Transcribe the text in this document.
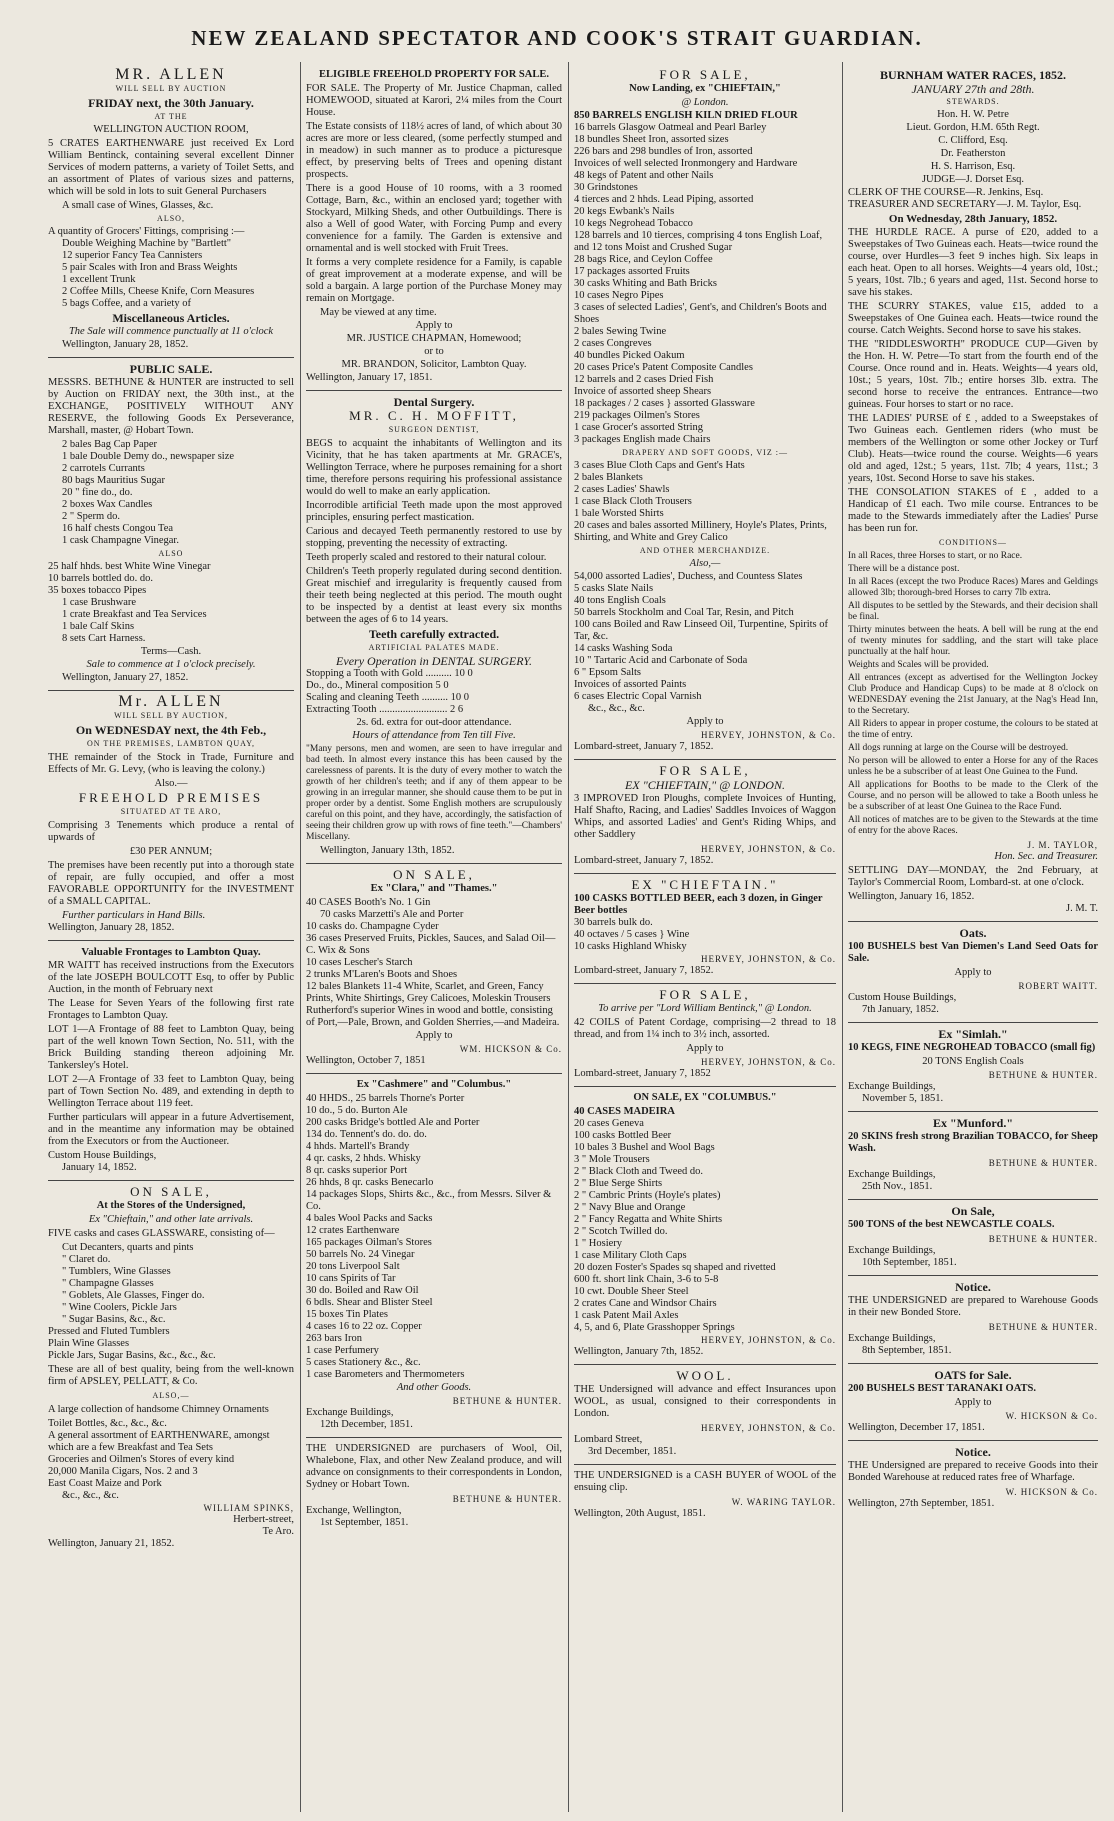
NEW ZEALAND SPECTATOR AND COOK'S STRAIT GUARDIAN.
MR. ALLEN
WILL SELL BY AUCTION
FRIDAY next, the 30th January.
AT THE
WELLINGTON AUCTION ROOM,
5 CRATES EARTHENWARE just received Ex Lord William Bentinck, containing several excellent Dinner Services of modern patterns, a variety of Toilet Setts, and an assortment of Plates of various sizes and patterns, which will be sold in lots to suit General Purchasers
A small case of Wines, Glasses, &c.
ALSO,
A quantity of Grocers' Fittings, comprising :—
Double Weighing Machine by "Bartlett"
12 superior Fancy Tea Cannisters
5 pair Scales with Iron and Brass Weights
1 excellent Trunk
2 Coffee Mills, Cheese Knife, Corn Measures
5 bags Coffee, and a variety of
Miscellaneous Articles.
The Sale will commence punctually at 11 o'clock
Wellington, January 28, 1852.
PUBLIC SALE.
MESSRS. BETHUNE & HUNTER are instructed to sell by Auction on FRIDAY next, the 30th inst., at the EXCHANGE, POSITIVELY WITHOUT ANY RESERVE, the following Goods Ex Perseverance, Marshall, master, @ Hobart Town.
2 bales Bag Cap Paper
1 bale Double Demy do., newspaper size
2 carrotels Currants
80 bags Mauritius Sugar
20 " fine do., do.
2 boxes Wax Candles
2 " Sperm do.
16 half chests Congou Tea
1 cask Champagne Vinegar.
ALSO
25 half hhds. best White Wine Vinegar
10 barrels bottled do. do.
35 boxes tobacco Pipes
1 case Brushware
1 crate Breakfast and Tea Services
1 bale Calf Skins
8 sets Cart Harness.
Terms—Cash.
Sale to commence at 1 o'clock precisely.
Wellington, January 27, 1852.
Mr. ALLEN
WILL SELL BY AUCTION,
On WEDNESDAY next, the 4th Feb.,
ON THE PREMISES, LAMBTON QUAY,
THE remainder of the Stock in Trade, Furniture and Effects of Mr. G. Levy, (who is leaving the colony.)
Also.—
FREEHOLD PREMISES
SITUATED AT TE ARO,
Comprising 3 Tenements which produce a rental of upwards of
£30 PER ANNUM;
The premises have been recently put into a thorough state of repair, are fully occupied, and offer a most FAVORABLE OPPORTUNITY for the INVESTMENT of a SMALL CAPITAL.
Further particulars in Hand Bills.
Wellington, January 28, 1852.
Valuable Frontages to Lambton Quay.
MR WAITT has received instructions from the Executors of the late JOSEPH BOULCOTT Esq, to offer by Public Auction, in the month of February next
The Lease for Seven Years of the following first rate Frontages to Lambton Quay.
LOT 1—A Frontage of 88 feet to Lambton Quay, being part of the well known Town Section, No. 511, with the Brick Building standing thereon adjoining Mr. Tankersley's Hotel.
LOT 2—A Frontage of 33 feet to Lambton Quay, being part of Town Section No. 489, and extending in depth to Wellington Terrace about 119 feet.
Further particulars will appear in a future Advertisement, and in the meantime any information may be obtained from the Executors or from the Auctioneer.
Custom House Buildings,
January 14, 1852.
ON SALE,
At the Stores of the Undersigned,
Ex "Chieftain," and other late arrivals.
FIVE casks and cases GLASSWARE, consisting of—
Cut Decanters, quarts and pints
" Claret do.
" Tumblers, Wine Glasses
" Champagne Glasses
" Goblets, Ale Glasses, Finger do.
" Wine Coolers, Pickle Jars
" Sugar Basins, &c., &c.
Pressed and Fluted Tumblers
Plain Wine Glasses
Pickle Jars, Sugar Basins, &c., &c., &c.
These are all of best quality, being from the well-known firm of APSLEY, PELLATT, & Co.
ALSO,—
A large collection of handsome Chimney Ornaments
Toilet Bottles, &c., &c., &c.
A general assortment of EARTHENWARE, amongst which are a few Breakfast and Tea Sets
Groceries and Oilmen's Stores of every kind
20,000 Manila Cigars, Nos. 2 and 3
East Coast Maize and Pork
&c., &c., &c.
WILLIAM SPINKS,
Herbert-street,
Te Aro.
Wellington, January 21, 1852.
ELIGIBLE FREEHOLD PROPERTY FOR SALE.
FOR SALE. The Property of Mr. Justice Chapman, called HOMEWOOD, situated at Karori, 2¼ miles from the Court House.
The Estate consists of 118½ acres of land, of which about 30 acres are more or less cleared, (some perfectly stumped and in meadow) in such manner as to produce a picturesque effect, by preserving belts of Trees and opening distant prospects.
There is a good House of 10 rooms, with a 3 roomed Cottage, Barn, &c., within an enclosed yard; together with Stockyard, Milking Sheds, and other Outbuildings. There is also a Well of good Water, with Forcing Pump and every convenience for a family. The Garden is extensive and ornamental and is well stocked with Fruit Trees.
It forms a very complete residence for a Family, is capable of great improvement at a moderate expense, and will be sold a bargain. A large portion of the Purchase Money may remain on Mortgage.
May be viewed at any time.
Apply to
MR. JUSTICE CHAPMAN, Homewood;
or to
MR. BRANDON, Solicitor, Lambton Quay.
Wellington, January 17, 1851.
Dental Surgery.
MR. C. H. MOFFITT,
SURGEON DENTIST,
BEGS to acquaint the inhabitants of Wellington and its Vicinity, that he has taken apartments at Mr. GRACE's, Wellington Terrace, where he purposes remaining for a short time, therefore persons requiring his professional assistance would do well to make an early application.
Incorrodible artificial Teeth made upon the most approved principles, ensuring perfect mastication.
Carious and decayed Teeth permanently restored to use by stopping, preventing the necessity of extracting.
Teeth properly scaled and restored to their natural colour.
Children's Teeth properly regulated during second dentition. Great mischief and irregularity is frequently caused from their teeth being neglected at this period. The mouth ought to be inspected by a dentist at least every six months between the ages of 6 to 14 years.
Teeth carefully extracted.
ARTIFICIAL PALATES MADE.
Every Operation in DENTAL SURGERY.
Stopping a Tooth with Gold .......... 10 0
Do., do., Mineral composition 5 0
Scaling and cleaning Teeth .......... 10 0
Extracting Tooth .......................... 2 6
2s. 6d. extra for out-door attendance.
Hours of attendance from Ten till Five.
"Many persons, men and women, are seen to have irregular and bad teeth. In almost every instance this has been caused by the carelessness of parents. It is the duty of every mother to watch the growth of her children's teeth; and if any of them appear to be growing in an irregular manner, she should cause them to be put in proper order by a dentist. Some English mothers are scrupulously careful on this point, and they have, accordingly, the satisfaction of seeing their children grow up with rows of fine teeth."—Chambers' Miscellany.
Wellington, January 13th, 1852.
ON SALE,
Ex "Clara," and "Thames."
40 CASES Booth's No. 1 Gin
70 casks Marzetti's Ale and Porter
10 casks do. Champagne Cyder
36 cases Preserved Fruits, Pickles, Sauces, and Salad Oil—C. Wix & Sons
10 cases Lescher's Starch
2 trunks M'Laren's Boots and Shoes
12 bales Blankets 11-4 White, Scarlet, and Green, Fancy Prints, White Shirtings, Grey Calicoes, Moleskin Trousers
Rutherford's superior Wines in wood and bottle, consisting of Port,—Pale, Brown, and Golden Sherries,—and Madeira.
Apply to
WM. HICKSON & Co.
Wellington, October 7, 1851
Ex "Cashmere" and "Columbus."
40 HHDS., 25 barrels Thorne's Porter
10 do., 5 do. Burton Ale
200 casks Bridge's bottled Ale and Porter
134 do. Tennent's do. do. do.
4 hhds. Martell's Brandy
4 qr. casks, 2 hhds. Whisky
8 qr. casks superior Port
26 hhds, 8 qr. casks Benecarlo
14 packages Slops, Shirts &c., &c., from Messrs. Silver & Co.
4 bales Wool Packs and Sacks
12 crates Earthenware
165 packages Oilman's Stores
50 barrels No. 24 Vinegar
20 tons Liverpool Salt
10 cans Spirits of Tar
30 do. Boiled and Raw Oil
6 bdls. Shear and Blister Steel
15 boxes Tin Plates
4 cases 16 to 22 oz. Copper
263 bars Iron
1 case Perfumery
5 cases Stationery &c., &c.
1 case Barometers and Thermometers
And other Goods.
BETHUNE & HUNTER.
Exchange Buildings,
12th December, 1851.
THE UNDERSIGNED are purchasers of Wool, Oil, Whalebone, Flax, and other New Zealand produce, and will advance on consignments to their correspondents in London, Sydney or Hobart Town.
BETHUNE & HUNTER.
Exchange, Wellington,
1st September, 1851.
FOR SALE,
Now Landing, ex "CHIEFTAIN,"
@ London.
850 BARRELS ENGLISH KILN DRIED FLOUR
16 barrels Glasgow Oatmeal and Pearl Barley
18 bundles Sheet Iron, assorted sizes
226 bars and 298 bundles of Iron, assorted
Invoices of well selected Ironmongery and Hardware
48 kegs of Patent and other Nails
30 Grindstones
4 tierces and 2 hhds. Lead Piping, assorted
20 kegs Ewbank's Nails
10 kegs Negrohead Tobacco
128 barrels and 10 tierces, comprising 4 tons English Loaf, and 12 tons Moist and Crushed Sugar
28 bags Rice, and Ceylon Coffee
17 packages assorted Fruits
30 casks Whiting and Bath Bricks
10 cases Negro Pipes
3 cases of selected Ladies', Gent's, and Children's Boots and Shoes
2 bales Sewing Twine
2 cases Congreves
40 bundles Picked Oakum
20 cases Price's Patent Composite Candles
12 barrels and 2 cases Dried Fish
Invoice of assorted sheep Shears
18 packages / 2 cases } assorted Glassware
219 packages Oilmen's Stores
1 case Grocer's assorted String
3 packages English made Chairs
DRAPERY AND SOFT GOODS, VIZ :—
3 cases Blue Cloth Caps and Gent's Hats
2 bales Blankets
2 cases Ladies' Shawls
1 case Black Cloth Trousers
1 bale Worsted Shirts
20 cases and bales assorted Millinery, Hoyle's Plates, Prints, Shirting, and White and Grey Calico
AND OTHER MERCHANDIZE.
Also,—
54,000 assorted Ladies', Duchess, and Countess Slates
5 casks Slate Nails
40 tons English Coals
50 barrels Stockholm and Coal Tar, Resin, and Pitch
100 cans Boiled and Raw Linseed Oil, Turpentine, Spirits of Tar, &c.
14 casks Washing Soda
10 " Tartaric Acid and Carbonate of Soda
6 " Epsom Salts
Invoices of assorted Paints
6 cases Electric Copal Varnish
&c., &c., &c.
Apply to
HERVEY, JOHNSTON, & Co.
Lombard-street, January 7, 1852.
FOR SALE,
EX "CHIEFTAIN," @ LONDON.
3 IMPROVED Iron Ploughs, complete Invoices of Hunting, Half Shafto, Racing, and Ladies' Saddles Invoices of Waggon Whips, and assorted Ladies' and Gent's Riding Whips, and other Saddlery
HERVEY, JOHNSTON, & Co.
Lombard-street, January 7, 1852.
EX "CHIEFTAIN."
100 CASKS BOTTLED BEER, each 3 dozen, in Ginger Beer bottles
30 barrels bulk do.
40 octaves / 5 cases } Wine
10 casks Highland Whisky
HERVEY, JOHNSTON, & Co.
Lombard-street, January 7, 1852.
FOR SALE,
To arrive per "Lord William Bentinck," @ London.
42 COILS of Patent Cordage, comprising—2 thread to 18 thread, and from 1¼ inch to 3½ inch, assorted.
Apply to
HERVEY, JOHNSTON, & Co.
Lombard-street, January 7, 1852
ON SALE, EX "COLUMBUS."
40 CASES MADEIRA
20 cases Geneva
100 casks Bottled Beer
10 bales 3 Bushel and Wool Bags
3 " Mole Trousers
2 " Black Cloth and Tweed do.
2 " Blue Serge Shirts
2 " Cambric Prints (Hoyle's plates)
2 " Navy Blue and Orange
2 " Fancy Regatta and White Shirts
2 " Scotch Twilled do.
1 " Hosiery
1 case Military Cloth Caps
20 dozen Foster's Spades sq shaped and rivetted
600 ft. short link Chain, 3-6 to 5-8
10 cwt. Double Sheer Steel
2 crates Cane and Windsor Chairs
1 cask Patent Mail Axles
4, 5, and 6, Plate Grasshopper Springs
HERVEY, JOHNSTON, & Co.
Wellington, January 7th, 1852.
WOOL.
THE Undersigned will advance and effect Insurances upon WOOL, as usual, consigned to their correspondents in London.
HERVEY, JOHNSTON, & Co.
Lombard Street,
3rd December, 1851.
THE UNDERSIGNED is a CASH BUYER of WOOL of the ensuing clip.
W. WARING TAYLOR.
Wellington, 20th August, 1851.
BURNHAM WATER RACES, 1852.
JANUARY 27th and 28th.
STEWARDS.
Hon. H. W. Petre
Lieut. Gordon, H.M. 65th Regt.
C. Clifford, Esq.
Dr. Featherston
H. S. Harrison, Esq.
JUDGE—J. Dorset Esq.
CLERK OF THE COURSE—R. Jenkins, Esq.
TREASURER AND SECRETARY—J. M. Taylor, Esq.
On Wednesday, 28th January, 1852.
THE HURDLE RACE. A purse of £20, added to a Sweepstakes of Two Guineas each. Heats—twice round the course, over Hurdles—3 feet 9 inches high. Six leaps in each heat. Open to all horses. Weights—4 years old, 10st.; 5 years, 10st. 7lb.; 6 years and aged, 11st. Second horse to save his stakes.
THE SCURRY STAKES, value £15, added to a Sweepstakes of One Guinea each. Heats—twice round the course. Catch Weights. Second horse to save his stakes.
THE "RIDDLESWORTH" PRODUCE CUP—Given by the Hon. H. W. Petre—To start from the fourth end of the Course. Once round and in. Heats. Weights—4 years old, 10st.; 5 years, 10st. 7lb.; entire horses 3lb. extra. The second horse to receive the entrances. Entrance—two guineas. Four horses to start or no race.
THE LADIES' PURSE of £ , added to a Sweepstakes of Two Guineas each. Gentlemen riders (who must be members of the Wellington or some other Jockey or Turf Club). Heats—twice round the course. Weights—6 years old and aged, 12st.; 5 years, 11st. 7lb; 4 years, 11st.; 3 years, 10st. Second Horse to save his stakes.
THE CONSOLATION STAKES of £ , added to a Handicap of £1 each. Two mile course. Entrances to be made to the Stewards immediately after the Ladies' Purse has been run for.
CONDITIONS—
In all Races, three Horses to start, or no Race.
There will be a distance post.
In all Races (except the two Produce Races) Mares and Geldings allowed 3lb; thorough-bred Horses to carry 7lb extra.
All disputes to be settled by the Stewards, and their decision shall be final.
Thirty minutes between the heats. A bell will be rung at the end of twenty minutes for saddling, and the start will take place punctually at the half hour.
Weights and Scales will be provided.
All entrances (except as advertised for the Wellington Jockey Club Produce and Handicap Cups) to be made at 8 o'clock on WEDNESDAY evening the 21st January, at the Nag's Head Inn, to the Secretary.
All Riders to appear in proper costume, the colours to be stated at the time of entry.
All dogs running at large on the Course will be destroyed.
No person will be allowed to enter a Horse for any of the Races unless he be a subscriber of at least One Guinea to the Fund.
All applications for Booths to be made to the Clerk of the Course, and no person will be allowed to take a Booth unless he be a subscriber of at least One Guinea to the Race Fund.
All notices of matches are to be given to the Stewards at the time of entry for the above Races.
J. M. TAYLOR,
Hon. Sec. and Treasurer.
SETTLING DAY—MONDAY, the 2nd February, at Taylor's Commercial Room, Lombard-st. at one o'clock.
Wellington, January 16, 1852.
J. M. T.
Oats.
100 BUSHELS best Van Diemen's Land Seed Oats for Sale.
Apply to
ROBERT WAITT.
Custom House Buildings,
7th January, 1852.
Ex "Simlah."
10 KEGS, FINE NEGROHEAD TOBACCO (small fig)
20 TONS English Coals
BETHUNE & HUNTER.
Exchange Buildings,
November 5, 1851.
Ex "Munford."
20 SKINS fresh strong Brazilian TOBACCO, for Sheep Wash.
BETHUNE & HUNTER.
Exchange Buildings,
25th Nov., 1851.
On Sale,
500 TONS of the best NEWCASTLE COALS.
BETHUNE & HUNTER.
Exchange Buildings,
10th September, 1851.
Notice.
THE UNDERSIGNED are prepared to Warehouse Goods in their new Bonded Store.
BETHUNE & HUNTER.
Exchange Buildings,
8th September, 1851.
OATS for Sale.
200 BUSHELS BEST TARANAKI OATS.
Apply to
W. HICKSON & Co.
Wellington, December 17, 1851.
Notice.
THE Undersigned are prepared to receive Goods into their Bonded Warehouse at reduced rates free of Wharfage.
W. HICKSON & Co.
Wellington, 27th September, 1851.
